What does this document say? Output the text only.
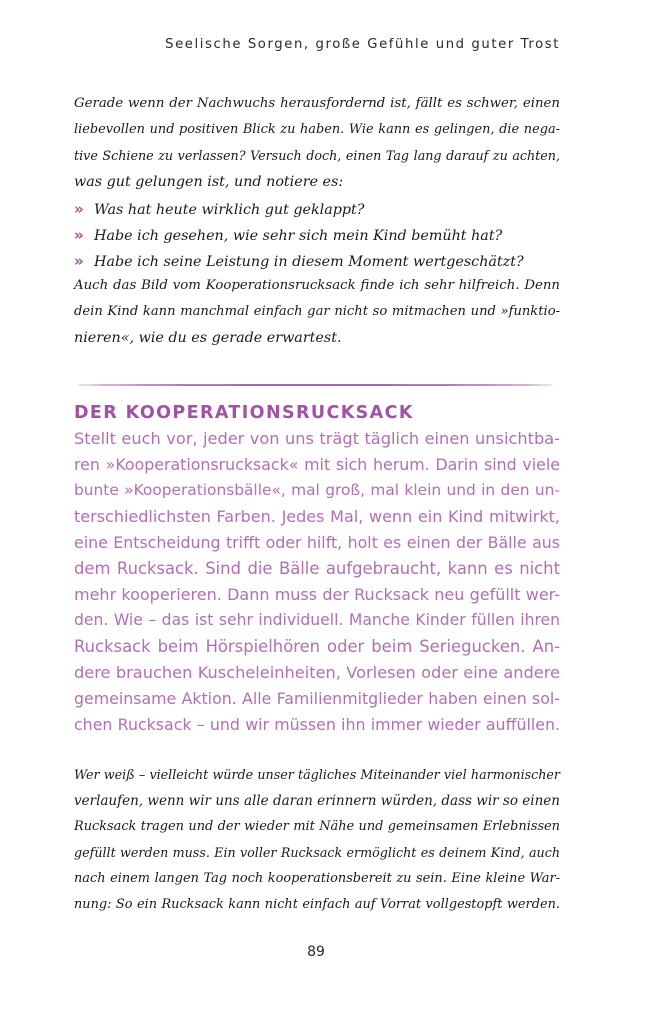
Seelische Sorgen, große Gefühle und guter Trost
Gerade wenn der Nachwuchs herausfordernd ist, fällt es schwer, einen
liebevollen und positiven Blick zu haben. Wie kann es gelingen, die nega-
tive Schiene zu verlassen? Versuch doch, einen Tag lang darauf zu achten,
was gut gelungen ist, und notiere es:
» Was hat heute wirklich gut geklappt?
» Habe ich gesehen, wie sehr sich mein Kind bemüht hat?
» Habe ich seine Leistung in diesem Moment wertgeschätzt?
Auch das Bild vom Kooperationsrucksack finde ich sehr hilfreich. Denn
dein Kind kann manchmal einfach gar nicht so mitmachen und »funktio-
nieren«, wie du es gerade erwartest.
DER KOOPERATIONSRUCKSACK
Stellt euch vor, jeder von uns trägt täglich einen unsichtba-
ren »Kooperationsrucksack« mit sich herum. Darin sind viele
bunte »Kooperationsbälle«, mal groß, mal klein und in den un-
terschiedlichsten Farben. Jedes Mal, wenn ein Kind mitwirkt,
eine Entscheidung trifft oder hilft, holt es einen der Bälle aus
dem Rucksack. Sind die Bälle aufgebraucht, kann es nicht
mehr kooperieren. Dann muss der Rucksack neu gefüllt wer-
den. Wie – das ist sehr individuell. Manche Kinder füllen ihren
Rucksack beim Hörspielhören oder beim Seriegucken. An-
dere brauchen Kuscheleinheiten, Vorlesen oder eine andere
gemeinsame Aktion. Alle Familienmitglieder haben einen sol-
chen Rucksack – und wir müssen ihn immer wieder auffüllen.
Wer weiß – vielleicht würde unser tägliches Miteinander viel harmonischer
verlaufen, wenn wir uns alle daran erinnern würden, dass wir so einen
Rucksack tragen und der wieder mit Nähe und gemeinsamen Erlebnissen
gefüllt werden muss. Ein voller Rucksack ermöglicht es deinem Kind, auch
nach einem langen Tag noch kooperationsbereit zu sein. Eine kleine War-
nung: So ein Rucksack kann nicht einfach auf Vorrat vollgestopft werden.
89
